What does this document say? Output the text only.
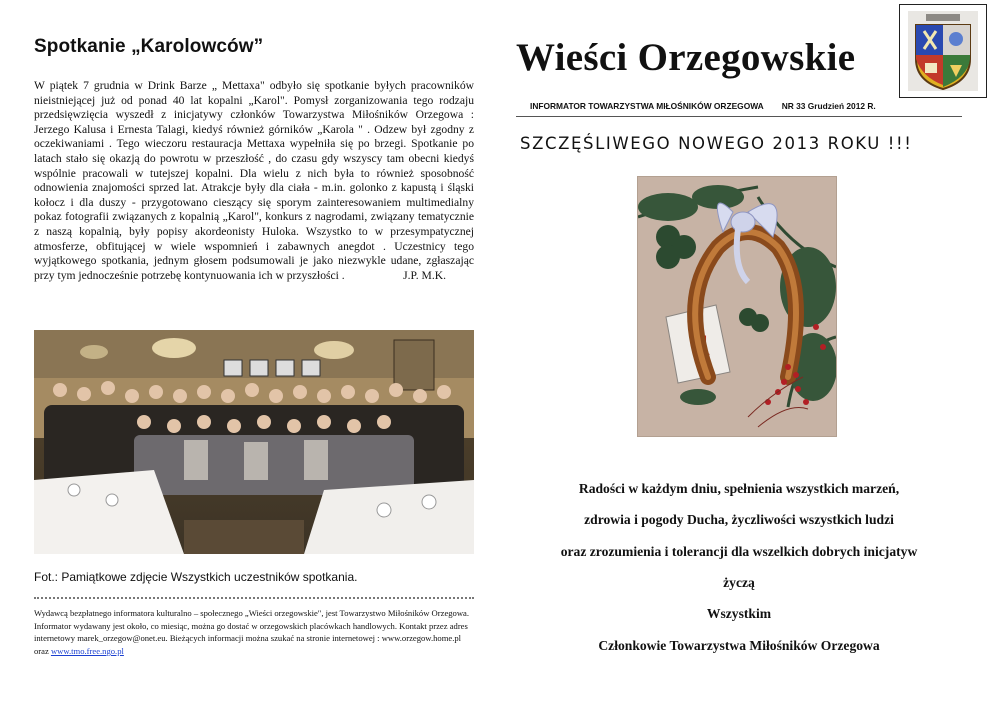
Spotkanie „Karolowców”
W piątek 7 grudnia w Drink Barze „ Mettaxa" odbyło się spotkanie byłych pracowników nieistniejącej już od ponad 40 lat kopalni „Karol". Pomysł zorganizowania tego rodzaju przedsięwzięcia wyszedł z inicjatywy członków Towarzystwa Miłośników Orzegowa : Jerzego Kalusa i Ernesta Talagi, kiedyś również górników „Karola " . Odzew był zgodny z oczekiwaniami . Tego wieczoru restauracja Mettaxa wypełniła się po brzegi. Spotkanie po latach stało się okazją do powrotu w przeszłość , do czasu gdy wszyscy tam obecni kiedyś wspólnie pracowali w tutejszej kopalni. Dla wielu z nich była to również sposobność odnowienia znajomości sprzed lat. Atrakcje były dla ciała - m.in. golonko z kapustą i śląski kołocz i dla duszy - przygotowano cieszący się sporym zainteresowaniem multimedialny pokaz fotografii związanych z kopalnią „Karol", konkurs z nagrodami, związany tematycznie z naszą kopalnią, były popisy akordeonisty Huloka. Wszystko to w przesympatycznej atmosferze, obfitującej w wiele wspomnień i zabawnych anegdot . Uczestnicy tego wyjątkowego spotkania, jednym głosem podsumowali je jako niezwykle udane, zgłaszając przy tym jednocześnie potrzebę kontynuowania ich w przyszłości .	J.P. M.K.
Fot.: Pamiątkowe zdjęcie Wszystkich uczestników spotkania.
Wydawcą bezpłatnego informatora kulturalno – społecznego „Wieści orzegowskie", jest Towarzystwo Miłośników Orzegowa. Informator wydawany jest około, co miesiąc, można go dostać w orzegowskich placówkach handlowych. Kontakt przez adres internetowy marek_orzegow@onet.eu. Bieżących informacji można szukać na stronie internetowej : www.orzegow.home.pl oraz www.tmo.free.ngo.pl
Wieści Orzegowskie
INFORMATOR TOWARZYSTWA MIŁOŚNIKÓW ORZEGOWA NR 33 Grudzień 2012 R.
SZCZĘŚLIWEGO NOWEGO 2013 ROKU !!!
1
Radości w każdym dniu, spełnienia wszystkich marzeń,
zdrowia i pogody Ducha, życzliwości wszystkich ludzi
oraz zrozumienia i tolerancji dla wszelkich dobrych inicjatyw
życzą
Wszystkim
Członkowie Towarzystwa Miłośników Orzegowa
